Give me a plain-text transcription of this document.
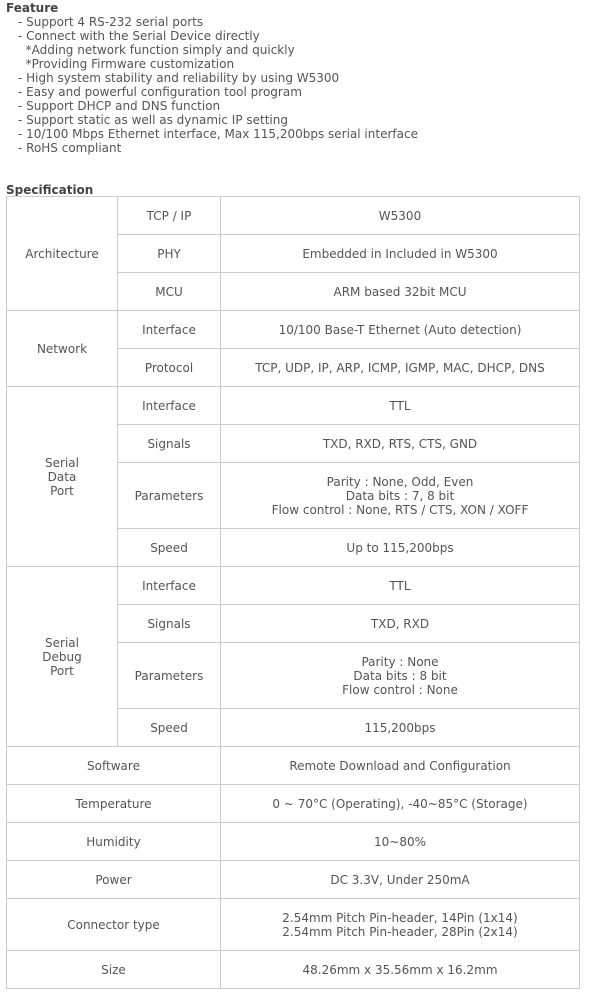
Feature
- Support 4 RS-232 serial ports
- Connect with the Serial Device directly
*Adding network function simply and quickly
*Providing Firmware customization
- High system stability and reliability by using W5300
- Easy and powerful configuration tool program
- Support DHCP and DNS function
- Support static as well as dynamic IP setting
- 10/100 Mbps Ethernet interface, Max 115,200bps serial interface
- RoHS compliant
Specification
Architecture	TCP / IP	W5300
	PHY	Embedded in Included in W5300
	MCU	ARM based 32bit MCU

Network	Interface	10/100 Base-T Ethernet (Auto detection)
	Protocol	TCP, UDP, IP, ARP, ICMP, IGMP, MAC, DHCP, DNS

Serial
Data
Port	Interface	TTL
	Signals	TXD, RXD, RTS, CTS, GND
	Parameters	Parity : None, Odd, Even
Data bits : 7, 8 bit
Flow control : None, RTS / CTS, XON / XOFF

	Speed	Up to 115,200bps

Serial
Debug
Port	Interface	TTL
	Signals	TXD, RXD
	Parameters	Parity : None
Data bits : 8 bit
Flow control : None

	Speed	115,200bps
Software		Remote Download and Configuration
Temperature		0 ~ 70°C (Operating), -40~85°C (Storage)
Humidity		10~80%
Power		DC 3.3V, Under 250mA
Connector type		2.54mm Pitch Pin-header, 14Pin (1x14)
2.54mm Pitch Pin-header, 28Pin (2x14)

Size		48.26mm x 35.56mm x 16.2mm
